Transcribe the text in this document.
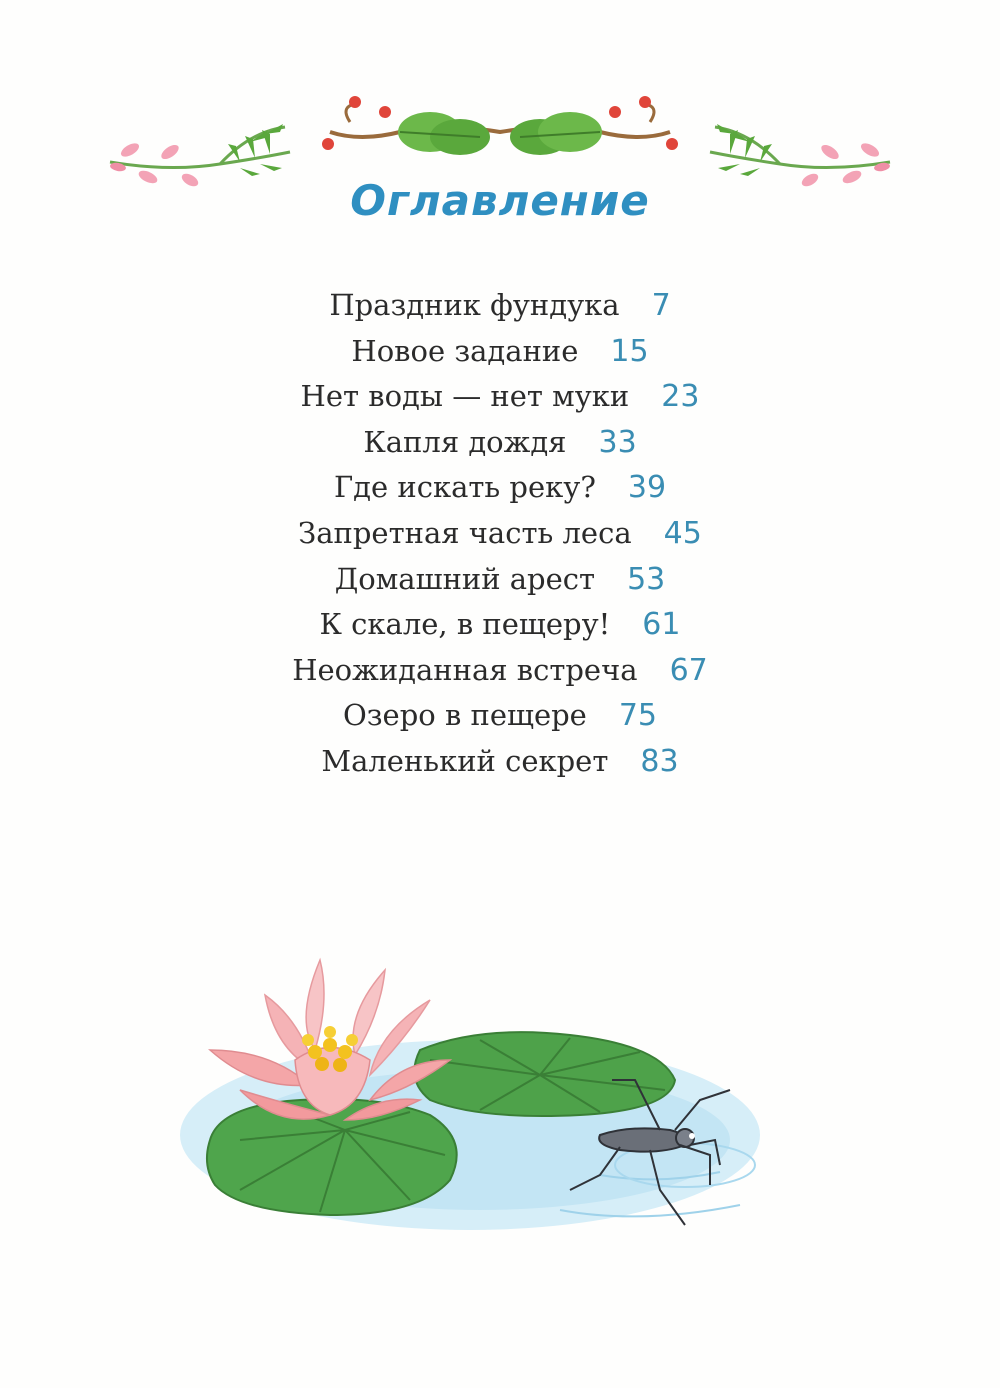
Оглавление
Праздник фундука 7
Новое задание 15
Нет воды — нет муки 23
Капля дождя 33
Где искать реку? 39
Запретная часть леса 45
Домашний арест 53
К скале, в пещеру! 61
Неожиданная встреча 67
Озеро в пещере 75
Маленький секрет 83
